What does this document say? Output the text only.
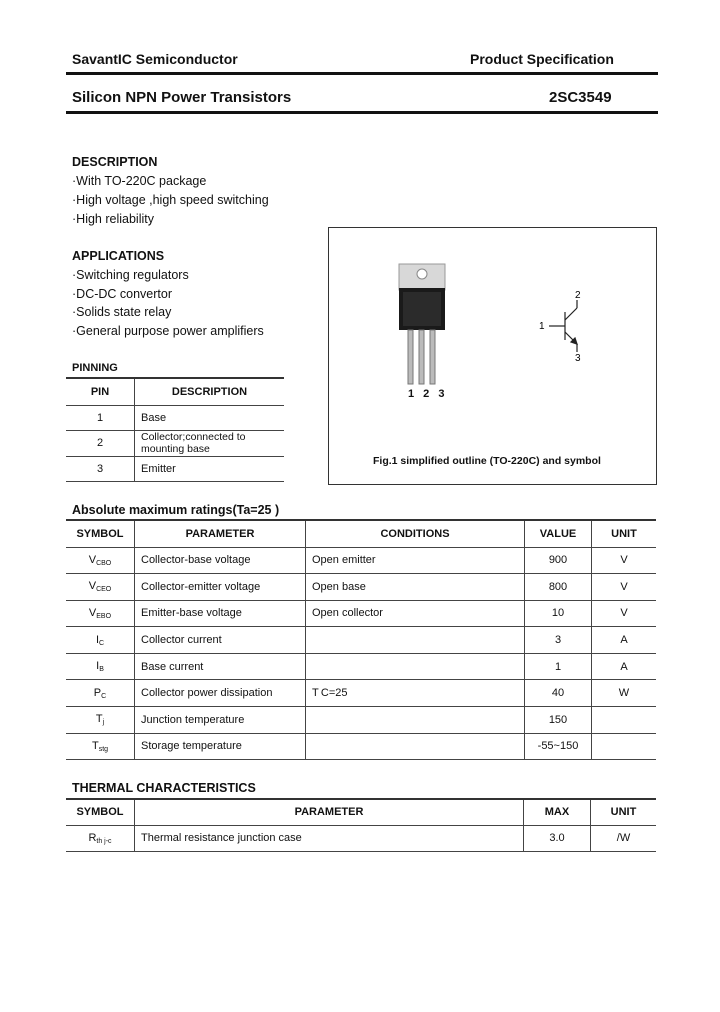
SavantIC Semiconductor	Product Specification
Silicon NPN Power Transistors	2SC3549
DESCRIPTION
·With TO-220C package
·High voltage ,high speed switching
·High reliability
APPLICATIONS
·Switching regulators
·DC-DC convertor
·Solids state relay
·General purpose power amplifiers
PINNING
PIN	DESCRIPTION
1	Base
2	Collector;connected to mounting base
3	Emitter
1
2
3
1 2 3
Fig.1 simplified outline (TO-220C) and symbol
Absolute maximum ratings(Ta=25 )
SYMBOL	PARAMETER	CONDITIONS	VALUE	UNIT
$V_{CBO}$	Collector-base voltage	Open emitter	900	V
$V_{CEO}$	Collector-emitter voltage	Open base	800	V
$V_{EBO}$	Emitter-base voltage	Open collector	10	V
$I_C$	Collector current		3	A
$I_B$	Base current		1	A
$P_C$	Collector power dissipation	T C=25	40	W
$T_j$	Junction temperature		150	
$T_{stg}$	Storage temperature		-55~150	
THERMAL CHARACTERISTICS
SYMBOL	PARAMETER	MAX	UNIT
$R_{th j-c}$	Thermal resistance junction case	3.0	/W
